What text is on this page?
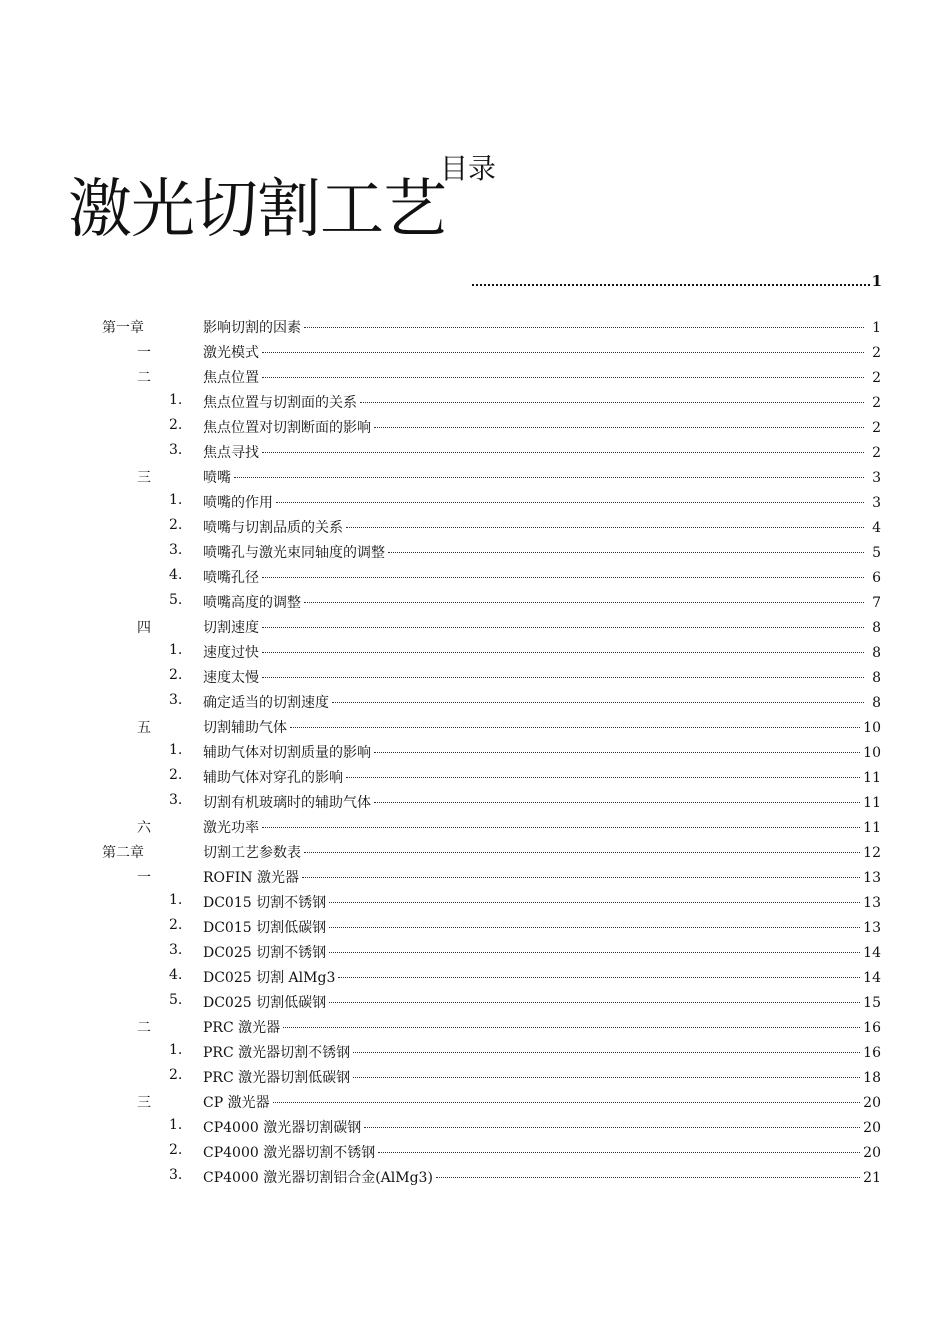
目录
激光切割工艺
1
第一章	影响切割的因素	1
一	激光模式	2
二	焦点位置	2
1. 焦点位置与切割面的关系	2
2. 焦点位置对切割断面的影响	2
3. 焦点寻找	2
三	喷嘴	3
1. 喷嘴的作用	3
2. 喷嘴与切割品质的关系	4
3. 喷嘴孔与激光束同轴度的调整	5
4. 喷嘴孔径	6
5. 喷嘴高度的调整	7
四	切割速度	8
1. 速度过快	8
2. 速度太慢	8
3. 确定适当的切割速度	8
五	切割辅助气体	10
1. 辅助气体对切割质量的影响	10
2. 辅助气体对穿孔的影响	11
3. 切割有机玻璃时的辅助气体	11
六	激光功率	11
第二章	切割工艺参数表	12
一	ROFIN 激光器	13
1. DC015 切割不锈钢	13
2. DC015 切割低碳钢	13
3. DC025 切割不锈钢	14
4. DC025 切割 AlMg3	14
5. DC025 切割低碳钢	15
二	PRC 激光器	16
1. PRC 激光器切割不锈钢	16
2. PRC 激光器切割低碳钢	18
三	CP 激光器	20
1. CP4000 激光器切割碳钢	20
2. CP4000 激光器切割不锈钢	20
3. CP4000 激光器切割铝合金(AlMg3)	21
